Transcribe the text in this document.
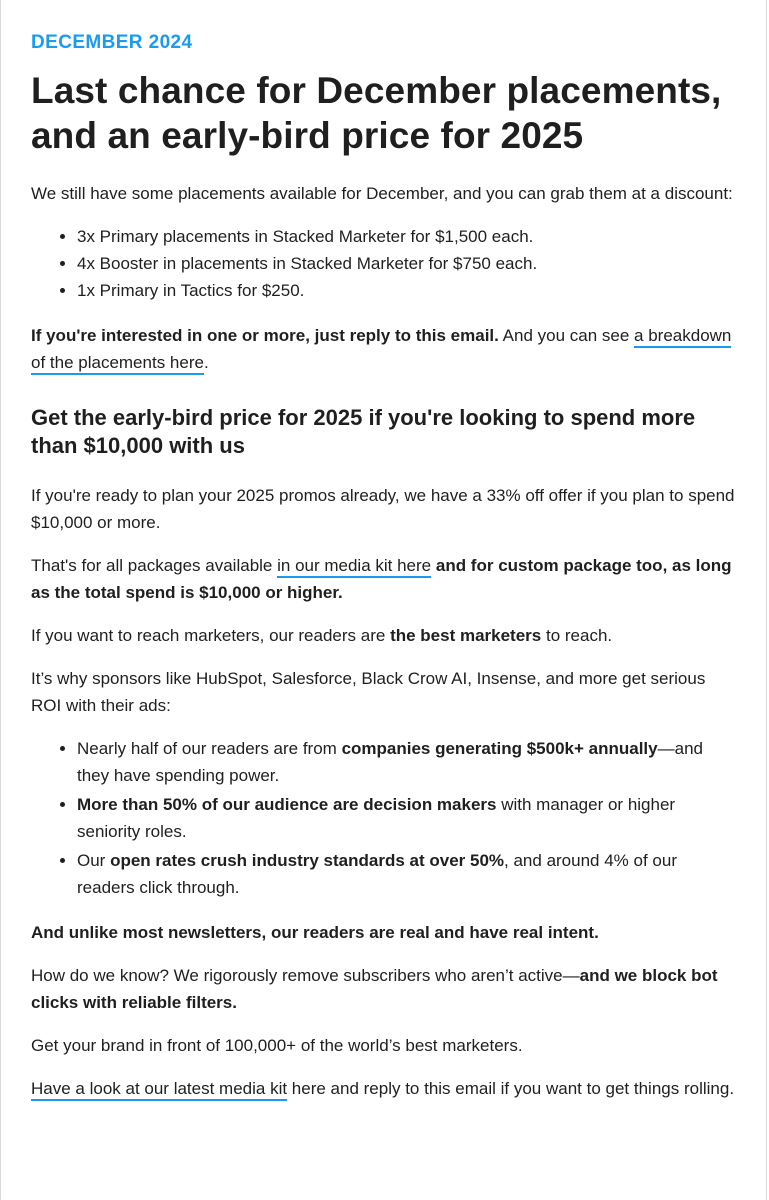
DECEMBER 2024
Last chance for December placements, and an early-bird price for 2025

We still have some placements available for December, and you can grab them at a discount:

• 3x Primary placements in Stacked Marketer for $1,500 each.
• 4x Booster in placements in Stacked Marketer for $750 each.
• 1x Primary in Tactics for $250.

If you're interested in one or more, just reply to this email. And you can see a breakdown of the placements here.

Get the early-bird price for 2025 if you're looking to spend more than $10,000 with us

If you're ready to plan your 2025 promos already, we have a 33% off offer if you plan to spend $10,000 or more.

That's for all packages available in our media kit here and for custom package too, as long as the total spend is $10,000 or higher.

If you want to reach marketers, our readers are the best marketers to reach.

It’s why sponsors like HubSpot, Salesforce, Black Crow AI, Insense, and more get serious ROI with their ads:

• Nearly half of our readers are from companies generating $500k+ annually—and they have spending power.
• More than 50% of our audience are decision makers with manager or higher seniority roles.
• Our open rates crush industry standards at over 50%, and around 4% of our readers click through.

And unlike most newsletters, our readers are real and have real intent.

How do we know? We rigorously remove subscribers who aren’t active—and we block bot clicks with reliable filters.

Get your brand in front of 100,000+ of the world’s best marketers.

Have a look at our latest media kit here and reply to this email if you want to get things rolling.
